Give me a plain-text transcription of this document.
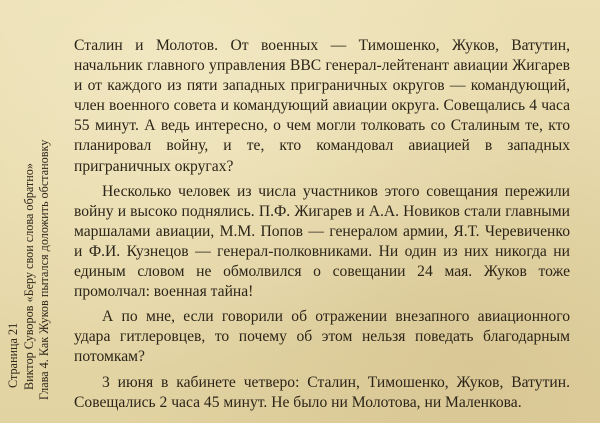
Страница 21 Виктор Суворов «Беру свои слова обратно» Глава 4. Как Жуков пытался доложить обстановку

Сталин и Молотов. От военных — Тимошенко, Жуков, Ватутин, начальник главного управления ВВС генерал-лейтенант авиации Жигарев и от каждого из пяти западных приграничных округов — командующий, член военного совета и командующий авиации округа. Совещались 4 часа 55 минут. А ведь интересно, о чем могли толковать со Сталиным те, кто планировал войну, и те, кто командовал авиацией в западных приграничных округах?

Несколько человек из числа участников этого совещания пережили войну и высоко поднялись. П.Ф. Жигарев и А.А. Новиков стали главными маршалами авиации, М.М. Попов — генералом армии, Я.Т. Черевиченко и Ф.И. Кузнецов — генерал-полковниками. Ни один из них никогда ни единым словом не обмолвился о совещании 24 мая. Жуков тоже промолчал: военная тайна!

А по мне, если говорили об отражении внезапного авиационного удара гитлеровцев, то почему об этом нельзя поведать благодарным потомкам?

3 июня в кабинете четверо: Сталин, Тимошенко, Жуков, Ватутин. Совещались 2 часа 45 минут. Не было ни Молотова, ни Маленкова.
